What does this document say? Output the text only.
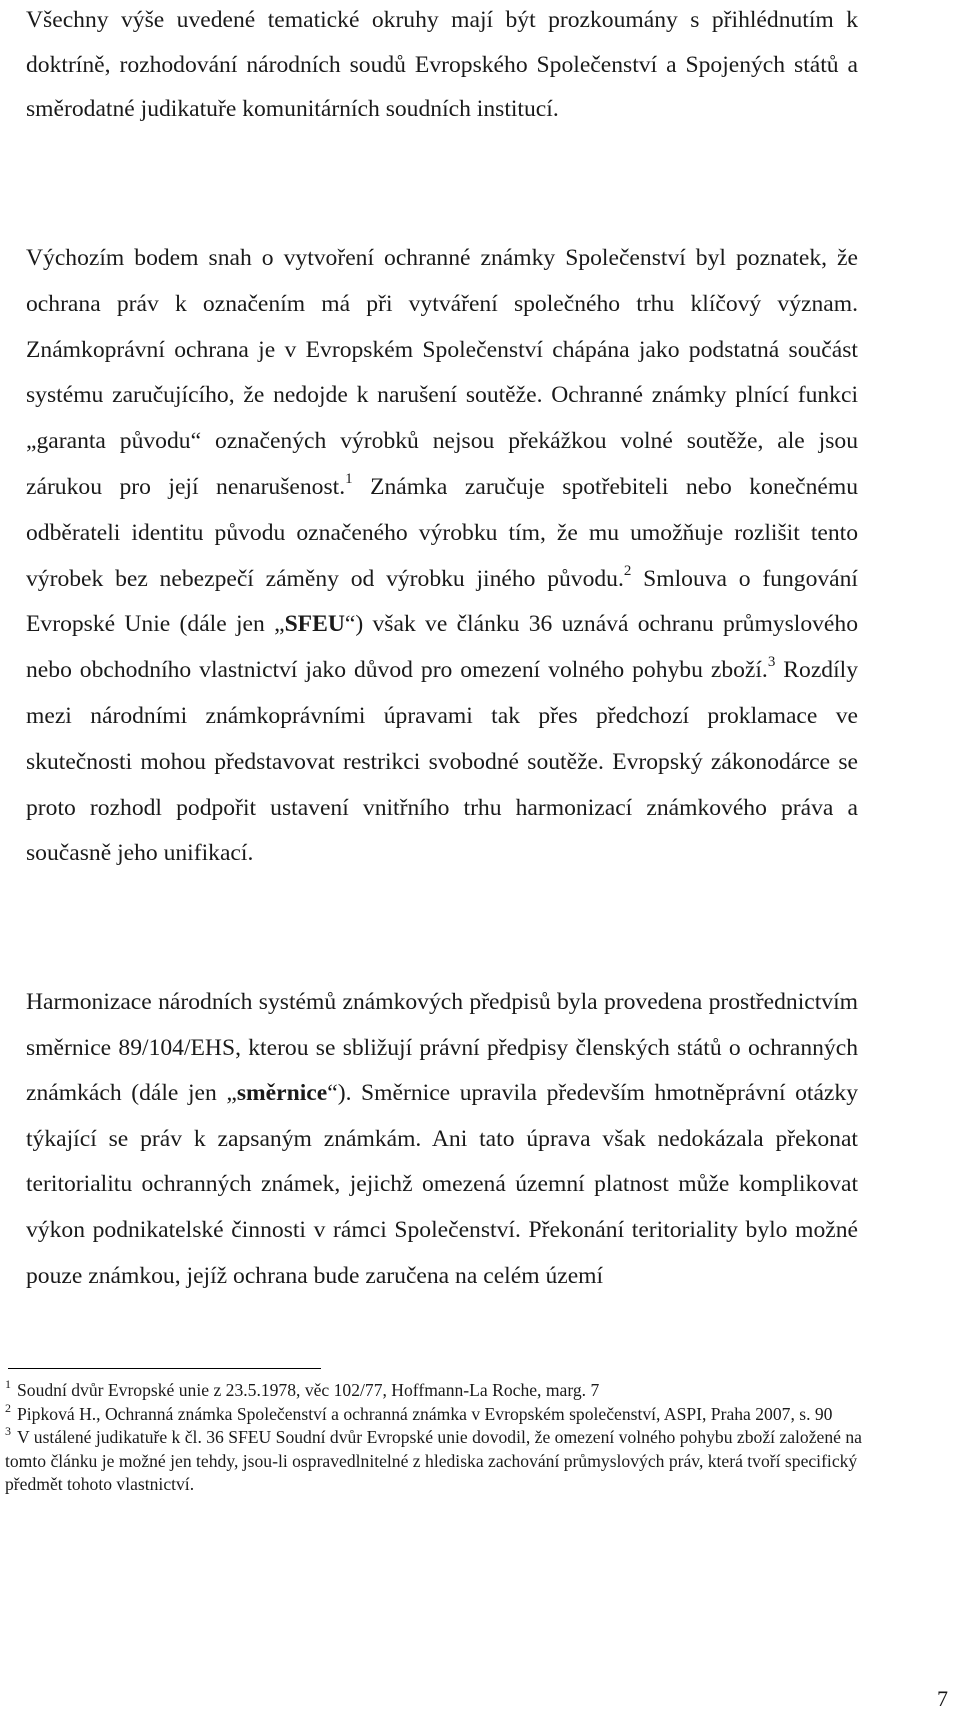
Všechny výše uvedené tematické okruhy mají být prozkoumány s přihlédnutím k doktríně, rozhodování národních soudů Evropského Společenství a Spojených států a směrodatné judikatuře komunitárních soudních institucí.

Výchozím bodem snah o vytvoření ochranné známky Společenství byl poznatek, že ochrana práv k označením má při vytváření společného trhu klíčový význam. Známkoprávní ochrana je v Evropském Společenství chápána jako podstatná součást systému zaručujícího, že nedojde k narušení soutěže. Ochranné známky plnící funkci „garanta původu“ označených výrobků nejsou překážkou volné soutěže, ale jsou zárukou pro její nenarušenost.$^1$ Známka zaručuje spotřebiteli nebo konečnému odběrateli identitu původu označeného výrobku tím, že mu umožňuje rozlišit tento výrobek bez nebezpečí záměny od výrobku jiného původu.$^2$ Smlouva o fungování Evropské Unie (dále jen „SFEU“) však ve článku 36 uznává ochranu průmyslového nebo obchodního vlastnictví jako důvod pro omezení volného pohybu zboží.$^3$ Rozdíly mezi národními známkoprávními úpravami tak přes předchozí proklamace ve skutečnosti mohou představovat restrikci svobodné soutěže. Evropský zákonodárce se proto rozhodl podpořit ustavení vnitřního trhu harmonizací známkového práva a současně jeho unifikací.

Harmonizace národních systémů známkových předpisů byla provedena prostřednictvím směrnice 89/104/EHS, kterou se sbližují právní předpisy členských států o ochranných známkách (dále jen „směrnice“). Směrnice upravila především hmotněprávní otázky týkající se práv k zapsaným známkám. Ani tato úprava však nedokázala překonat teritorialitu ochranných známek, jejichž omezená územní platnost může komplikovat výkon podnikatelské činnosti v rámci Společenství. Překonání teritoriality bylo možné pouze známkou, jejíž ochrana bude zaručena na celém území

$^1$ Soudní dvůr Evropské unie z 23.5.1978, věc 102/77, Hoffmann-La Roche, marg. 7

$^2$ Pipková H., Ochranná známka Společenství a ochranná známka v Evropském společenství, ASPI, Praha 2007, s. 90

$^3$ V ustálené judikatuře k čl. 36 SFEU Soudní dvůr Evropské unie dovodil, že omezení volného pohybu zboží založené na tomto článku je možné jen tehdy, jsou-li ospravedlnitelné z hlediska zachování průmyslových práv, která tvoří specifický předmět tohoto vlastnictví.

7
